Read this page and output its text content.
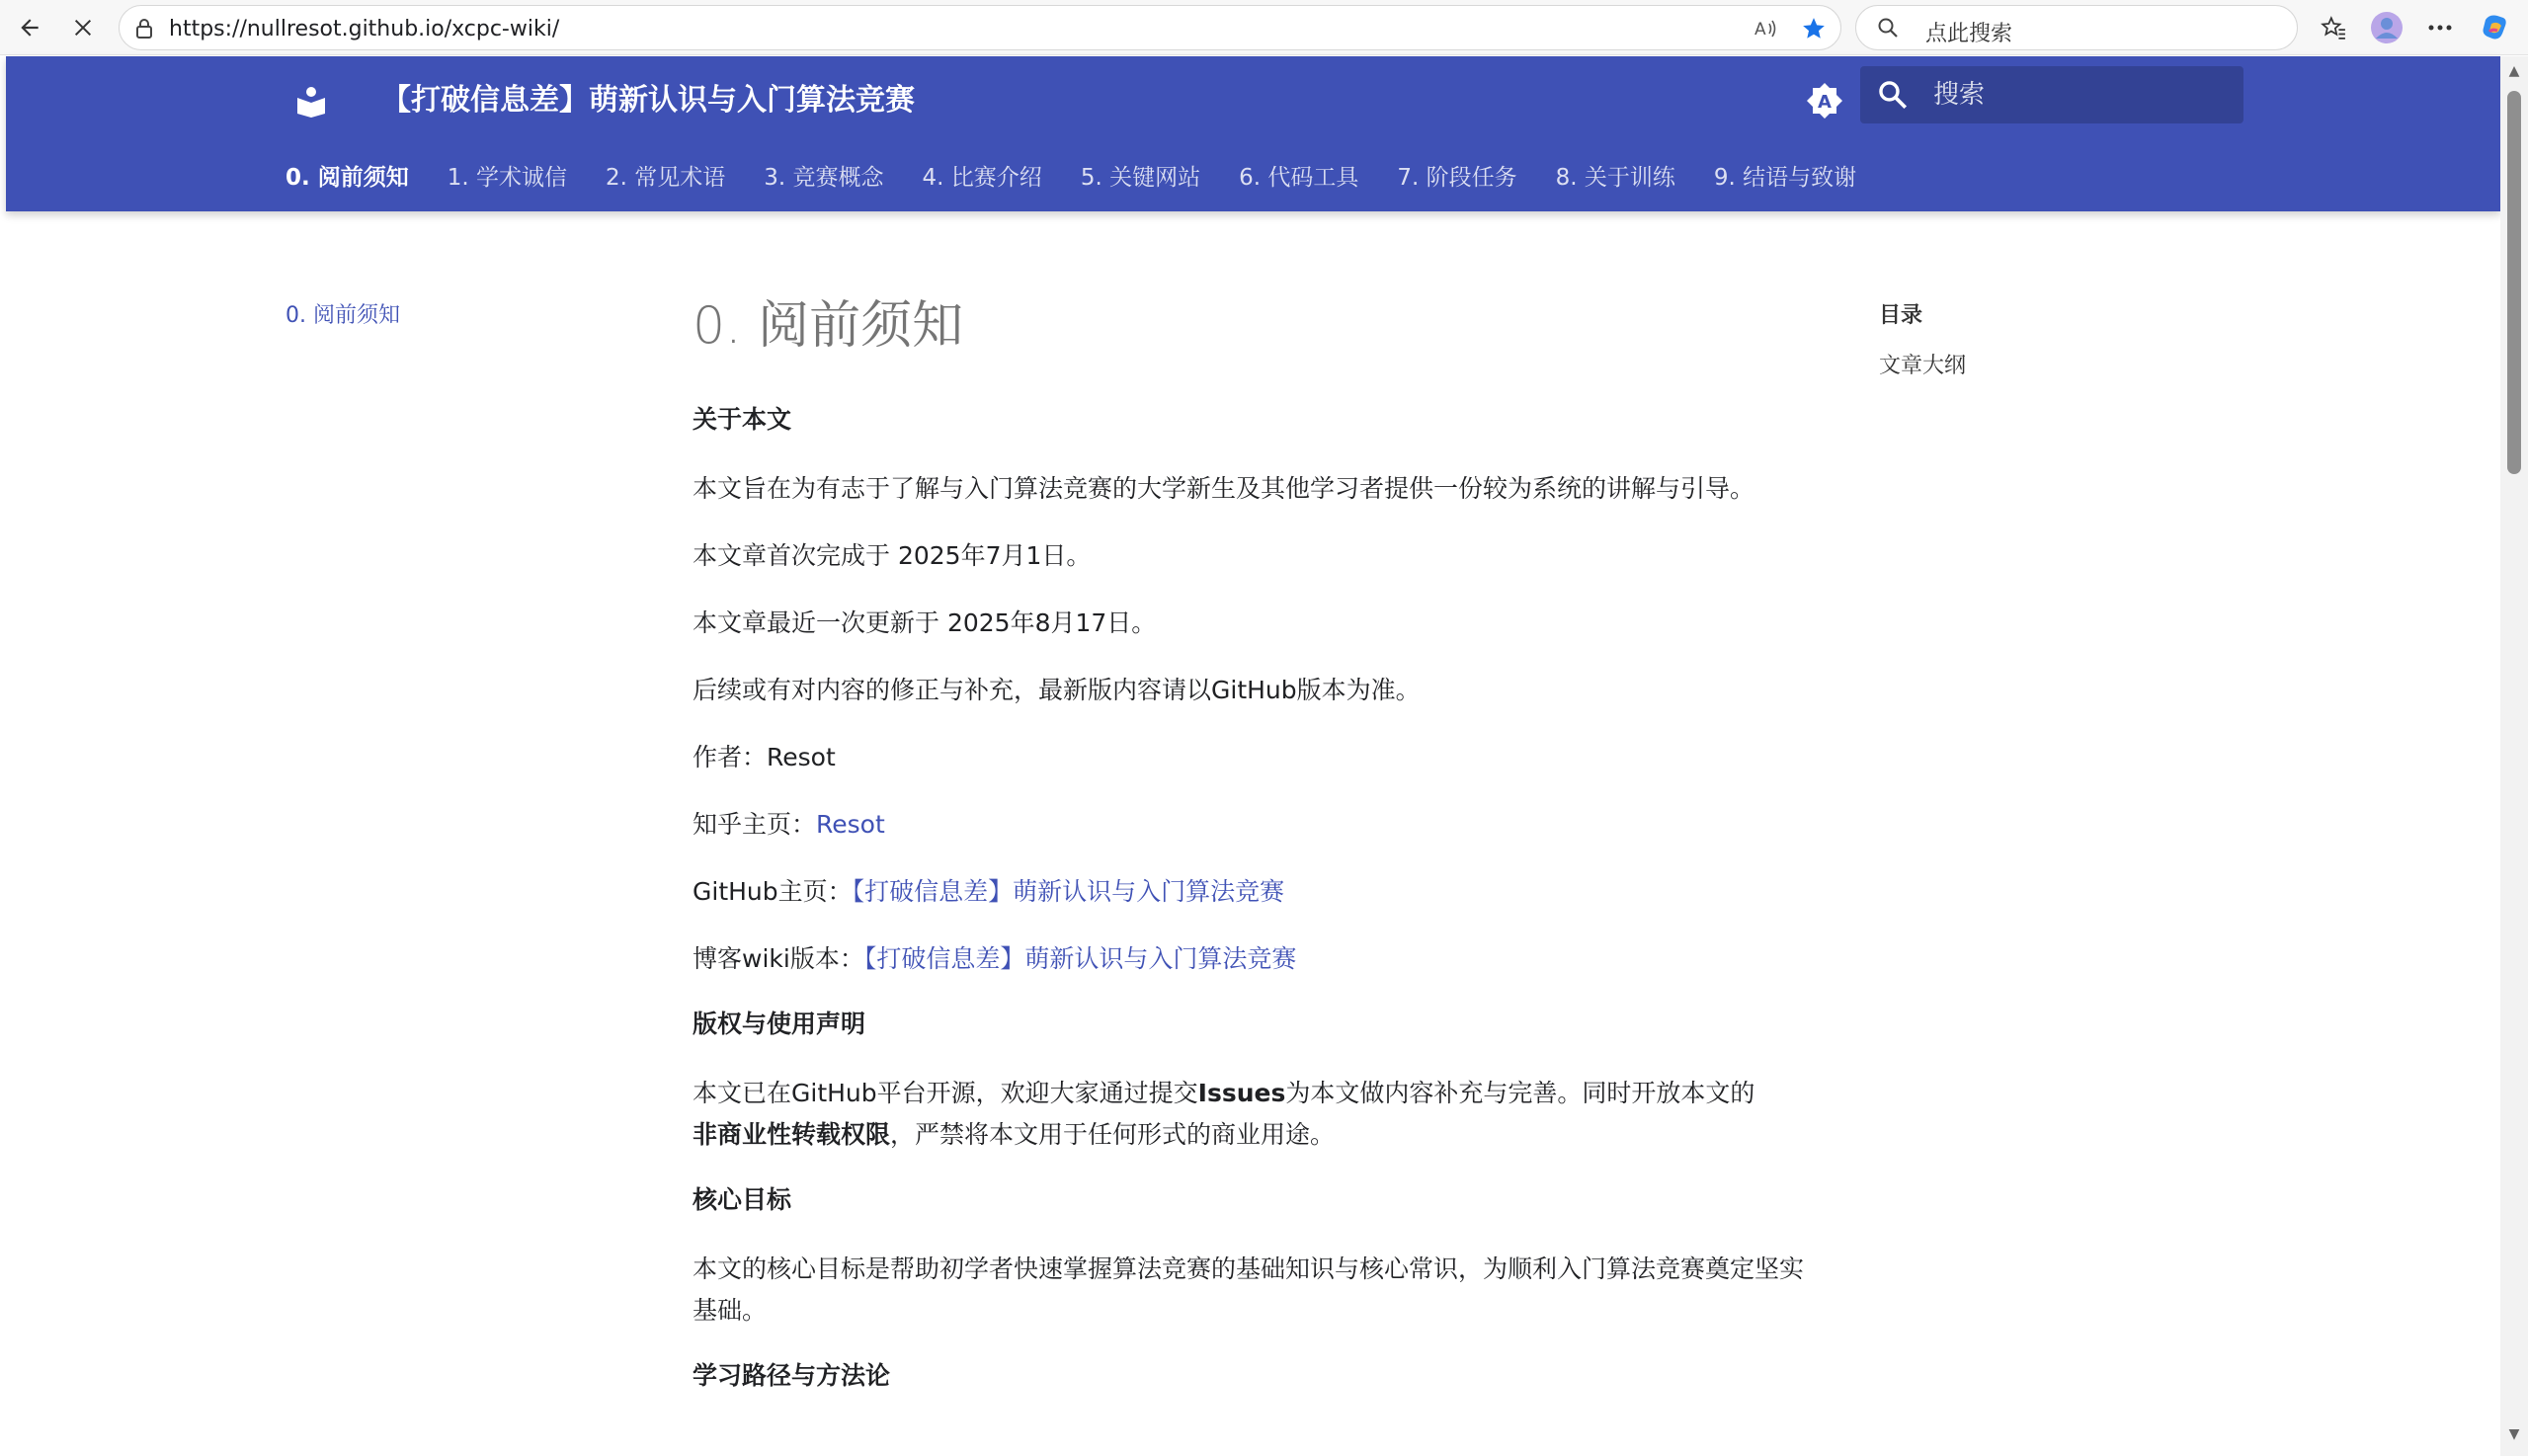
https://nullresot.github.io/xcpc-wiki/	A	点此搜索
【打破信息差】萌新认识与入门算法竞赛	A
搜索
0. 阅前须知 1. 学术诚信 2. 常见术语 3. 竞赛概念 4. 比赛介绍 5. 关键网站 6. 代码工具 7. 阶段任务 8. 关于训练 9. 结语与致谢
0. 阅前须知	0. 阅前须知
关于本文
本文旨在为有志于了解与入门算法竞赛的大学新生及其他学习者提供一份较为系统的讲解与引导。
本文章首次完成于 2025年7月1日。
本文章最近一次更新于 2025年8月17日。
后续或有对内容的修正与补充，最新版内容请以GitHub版本为准。
作者：Resot
知乎主页：Resot
GitHub主页：【打破信息差】萌新认识与入门算法竞赛
博客wiki版本：【打破信息差】萌新认识与入门算法竞赛
版权与使用声明
本文已在GitHub平台开源，欢迎大家通过提交Issues为本文做内容补充与完善。同时开放本文的
非商业性转载权限，严禁将本文用于任何形式的商业用途。
核心目标
本文的核心目标是帮助初学者快速掌握算法竞赛的基础知识与核心常识，为顺利入门算法竞赛奠定坚实基础。
学习路径与方法论
目录
文章大纲
▲
▼
